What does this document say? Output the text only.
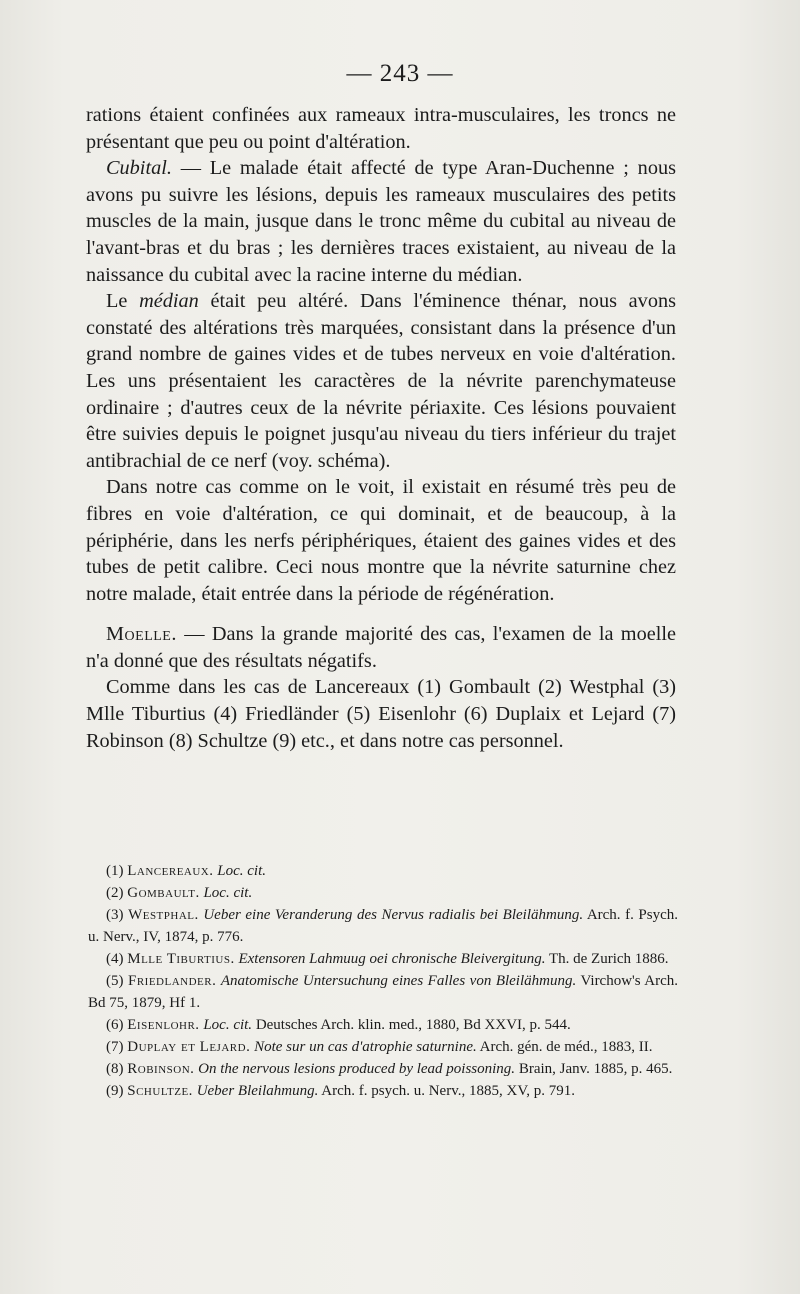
— 243 —

rations étaient confinées aux rameaux intra-musculaires, les troncs ne présentant que peu ou point d'altération.

Cubital. — Le malade était affecté de type Aran-Duchenne ; nous avons pu suivre les lésions, depuis les rameaux musculaires des petits muscles de la main, jusque dans le tronc même du cubital au niveau de l'avant-bras et du bras ; les dernières traces existaient, au niveau de la naissance du cubital avec la racine interne du médian.

Le médian était peu altéré. Dans l'éminence thénar, nous avons constaté des altérations très marquées, consistant dans la présence d'un grand nombre de gaines vides et de tubes nerveux en voie d'altération. Les uns présentaient les caractères de la névrite parenchymateuse ordinaire ; d'autres ceux de la névrite périaxite. Ces lésions pouvaient être suivies depuis le poignet jusqu'au niveau du tiers inférieur du trajet antibrachial de ce nerf (voy. schéma).

Dans notre cas comme on le voit, il existait en résumé très peu de fibres en voie d'altération, ce qui dominait, et de beaucoup, à la périphérie, dans les nerfs périphériques, étaient des gaines vides et des tubes de petit calibre. Ceci nous montre que la névrite saturnine chez notre malade, était entrée dans la période de régénération.

Moelle. — Dans la grande majorité des cas, l'examen de la moelle n'a donné que des résultats négatifs.

Comme dans les cas de Lancereaux (1) Gombault (2) Westphal (3) Mlle Tiburtius (4) Friedländer (5) Eisenlohr (6) Duplaix et Lejard (7) Robinson (8) Schultze (9) etc., et dans notre cas personnel.

(1) Lancereaux. Loc. cit.

(2) Gombault. Loc. cit.

(3) Westphal. Ueber eine Veranderung des Nervus radialis bei Bleilähmung. Arch. f. Psych. u. Nerv., IV, 1874, p. 776.

(4) Mlle Tiburtius. Extensoren Lahmuug oei chronische Bleivergitung. Th. de Zurich 1886.

(5) Friedlander. Anatomische Untersuchung eines Falles von Bleilähmung. Virchow's Arch. Bd 75, 1879, Hf 1.

(6) Eisenlohr. Loc. cit. Deutsches Arch. klin. med., 1880, Bd XXVI, p. 544.

(7) Duplay et Lejard. Note sur un cas d'atrophie saturnine. Arch. gén. de méd., 1883, II.

(8) Robinson. On the nervous lesions produced by lead poissoning. Brain, Janv. 1885, p. 465.

(9) Schultze. Ueber Bleilahmung. Arch. f. psych. u. Nerv., 1885, XV, p. 791.
